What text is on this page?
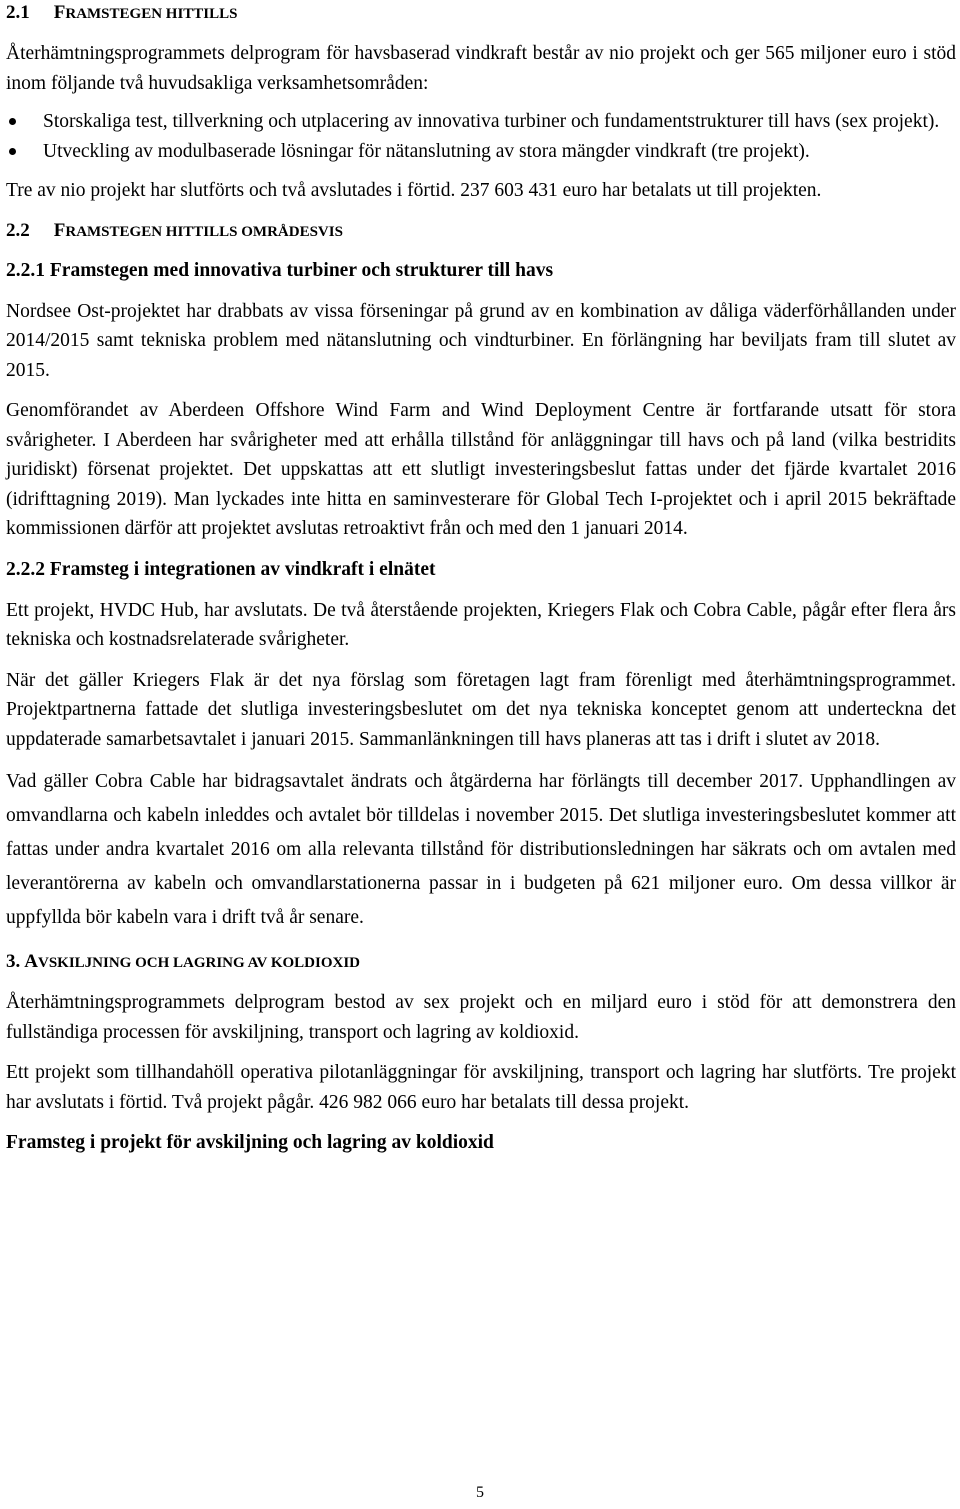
2.1 FRAMSTEGEN HITTILLS

Återhämtningsprogrammets delprogram för havsbaserad vindkraft består av nio projekt och ger 565 miljoner euro i stöd inom följande två huvudsakliga verksamhetsområden:

Storskaliga test, tillverkning och utplacering av innovativa turbiner och fundamentstrukturer till havs (sex projekt).
Utveckling av modulbaserade lösningar för nätanslutning av stora mängder vindkraft (tre projekt).

Tre av nio projekt har slutförts och två avslutades i förtid. 237 603 431 euro har betalats ut till projekten.

2.2 FRAMSTEGEN HITTILLS OMRÅDESVIS
2.2.1 Framstegen med innovativa turbiner och strukturer till havs

Nordsee Ost-projektet har drabbats av vissa förseningar på grund av en kombination av dåliga väderförhållanden under 2014/2015 samt tekniska problem med nätanslutning och vindturbiner. En förlängning har beviljats fram till slutet av 2015.

Genomförandet av Aberdeen Offshore Wind Farm and Wind Deployment Centre är fortfarande utsatt för stora svårigheter. I Aberdeen har svårigheter med att erhålla tillstånd för anläggningar till havs och på land (vilka bestridits juridiskt) försenat projektet. Det uppskattas att ett slutligt investeringsbeslut fattas under det fjärde kvartalet 2016 (idrifttagning 2019). Man lyckades inte hitta en saminvesterare för Global Tech I-projektet och i april 2015 bekräftade kommissionen därför att projektet avslutas retroaktivt från och med den 1 januari 2014.

2.2.2 Framsteg i integrationen av vindkraft i elnätet

Ett projekt, HVDC Hub, har avslutats. De två återstående projekten, Kriegers Flak och Cobra Cable, pågår efter flera års tekniska och kostnadsrelaterade svårigheter.

När det gäller Kriegers Flak är det nya förslag som företagen lagt fram förenligt med återhämtningsprogrammet. Projektpartnerna fattade det slutliga investeringsbeslutet om det nya tekniska konceptet genom att underteckna det uppdaterade samarbetsavtalet i januari 2015. Sammanlänkningen till havs planeras att tas i drift i slutet av 2018.

Vad gäller Cobra Cable har bidragsavtalet ändrats och åtgärderna har förlängts till december 2017. Upphandlingen av omvandlarna och kabeln inleddes och avtalet bör tilldelas i november 2015. Det slutliga investeringsbeslutet kommer att fattas under andra kvartalet 2016 om alla relevanta tillstånd för distributionsledningen har säkrats och om avtalen med leverantörerna av kabeln och omvandlarstationerna passar in i budgeten på 621 miljoner euro. Om dessa villkor är uppfyllda bör kabeln vara i drift två år senare.

3. AVSKILJNING OCH LAGRING AV KOLDIOXID

Återhämtningsprogrammets delprogram bestod av sex projekt och en miljard euro i stöd för att demonstrera den fullständiga processen för avskiljning, transport och lagring av koldioxid.

Ett projekt som tillhandahöll operativa pilotanläggningar för avskiljning, transport och lagring har slutförts. Tre projekt har avslutats i förtid. Två projekt pågår. 426 982 066 euro har betalats till dessa projekt.

Framsteg i projekt för avskiljning och lagring av koldioxid
5
